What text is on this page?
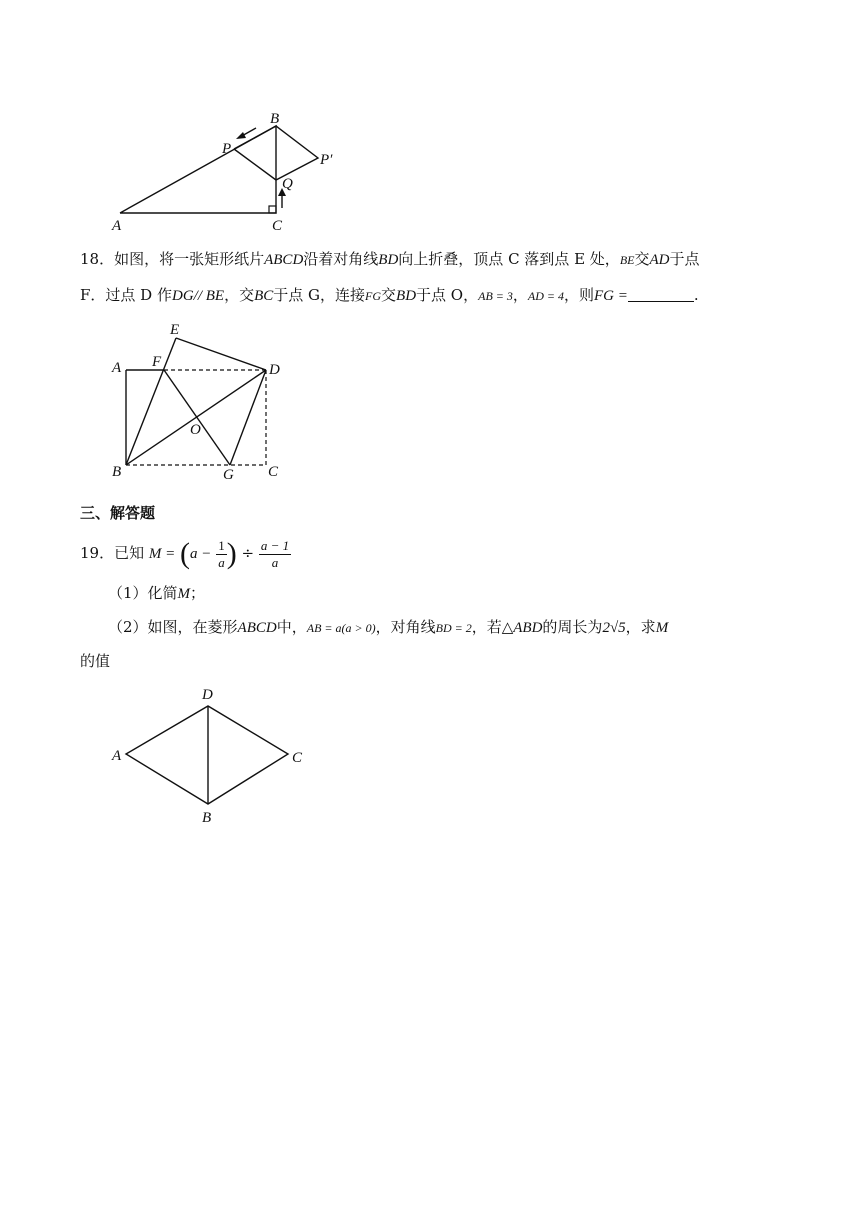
B
P
P′
Q
A	C
18．如图，将一张矩形纸片ABCD沿着对角线BD向上折叠，顶点 C 落到点 E 处，BE交AD于点
F．过点 D 作DG// BE，交BC于点 G，连接FG交BD于点 O，AB = 3，AD = 4，则FG =	.
E
A F	D
O
B	G C
三、解答题
19．已知 $M = (a - \frac{1}{a}$ ) ÷ $\frac{a - 1}{a}$
（1）化简M；
（2）如图，在菱形ABCD中，AB = a(a > 0)，对角线BD = 2，若△ABD的周长为2√5，求M
的值
D
A	C
B
